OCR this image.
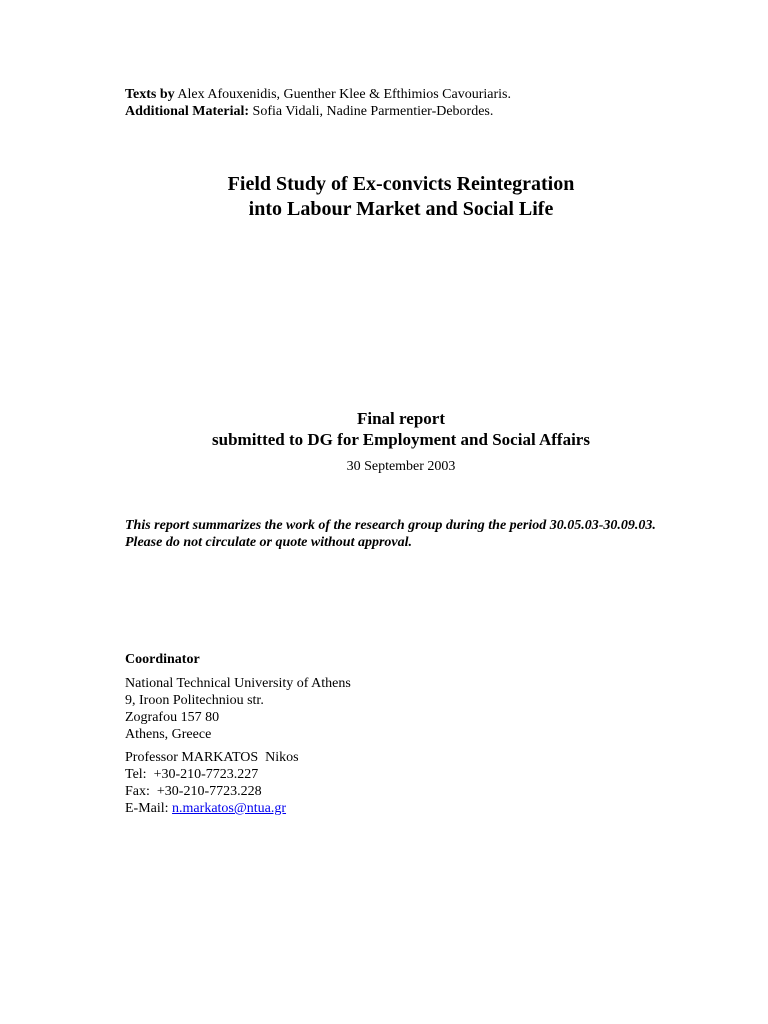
Texts by Alex Afouxenidis, Guenther Klee & Efthimios Cavouriaris.
Additional Material: Sofia Vidali, Nadine Parmentier-Debordes.
Field Study of Ex-convicts Reintegration
into Labour Market and Social Life
Final report
submitted to DG for Employment and Social Affairs
30 September 2003
This report summarizes the work of the research group during the period 30.05.03-30.09.03. Please do not circulate or quote without approval.
Coordinator
National Technical University of Athens
9, Iroon Politechniou str.
Zografou 157 80
Athens, Greece
Professor MARKATOS  Nikos
Tel:  +30-210-7723.227
Fax:  +30-210-7723.228
E-Mail: n.markatos@ntua.gr
